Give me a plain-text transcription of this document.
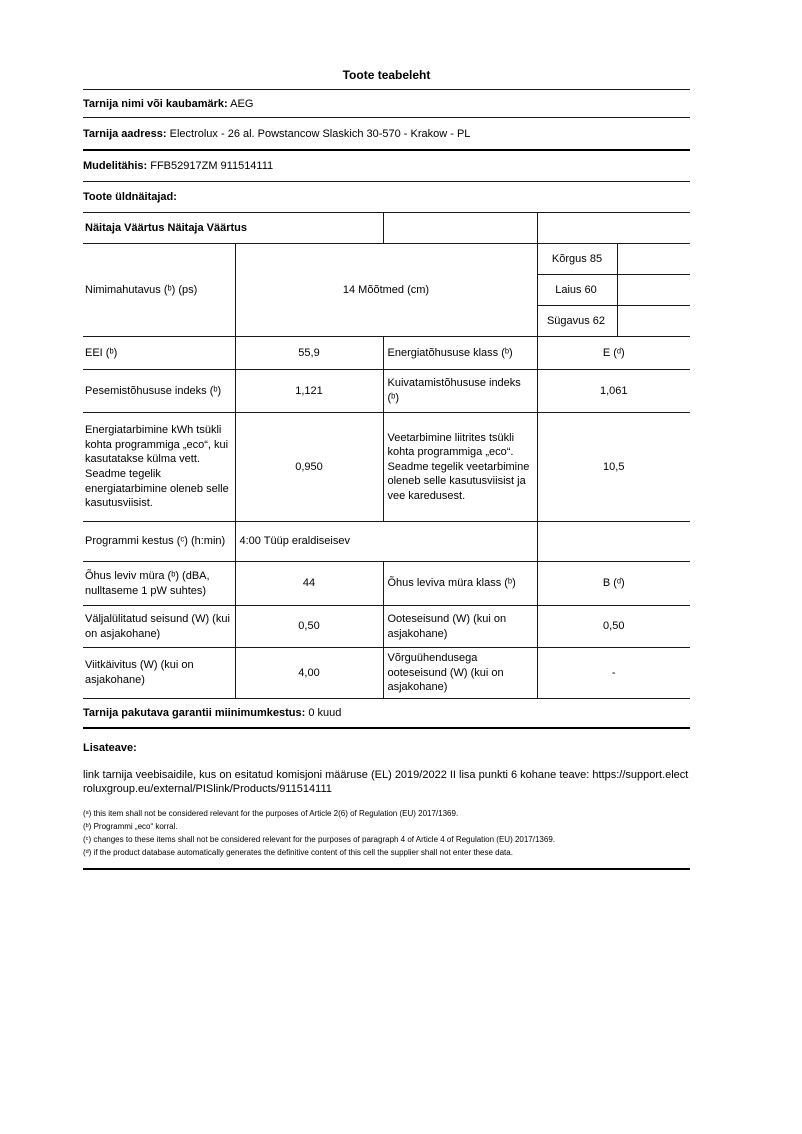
Toote teabeleht
Tarnija nimi või kaubamärk: AEG
Tarnija aadress: Electrolux - 26 al. Powstancow Slaskich 30-570 - Krakow - PL
Mudelitähis: FFB52917ZM 911514111
Toote üldnäitajad:
Näitaja Väärtus Näitaja Väärtus				
Nimimahutavus (ᵇ) (ps)	14 Mõõtmed (cm)		Kõrgus 85	
			Laius 60	
			Sügavus 62	
EEI (ᵇ)	55,9	Energiatõhususe klass (ᵇ)	E (ᵈ)	
Pesemistõhususe indeks (ᵇ)	1,121	Kuivatamistõhususe indeks (ᵇ)	1,061	
Energiatarbimine kWh tsükli kohta programmiga „eco“, kui kasutatakse külma vett. Seadme tegelik energiatarbimine oleneb selle kasutusviisist.	0,950	Veetarbimine liitrites tsükli kohta programmiga „eco“. Seadme tegelik veetarbimine oleneb selle kasutusviisist ja vee karedusest.	10,5	
Programmi kestus (ᶜ) (h:min)	4:00 Tüüp eraldiseisev			
Õhus leviv müra (ᵇ) (dBA, nulltaseme 1 pW suhtes)	44	Õhus leviva müra klass (ᵇ)	B (ᵈ)	
Väljalülitatud seisund (W) (kui on asjakohane)	0,50	Ooteseisund (W) (kui on asjakohane)	0,50	
Viitkäivitus (W) (kui on asjakohane)	4,00	Võrguühendusega ooteseisund (W) (kui on asjakohane)	-	
Tarnija pakutava garantii miinimumkestus: 0 kuud
Lisateave:
link tarnija veebisaidile, kus on esitatud komisjoni määruse (EL) 2019/2022 II lisa punkti 6 kohane teave: https://support.electroluxgroup.eu/external/PISlink/Products/911514111
(ᵃ) this item shall not be considered relevant for the purposes of Article 2(6) of Regulation (EU) 2017/1369.
(ᵇ) Programmi „eco“ korral.
(ᶜ) changes to these items shall not be considered relevant for the purposes of paragraph 4 of Article 4 of Regulation (EU) 2017/1369.
(ᵈ) if the product database automatically generates the definitive content of this cell the supplier shall not enter these data.
